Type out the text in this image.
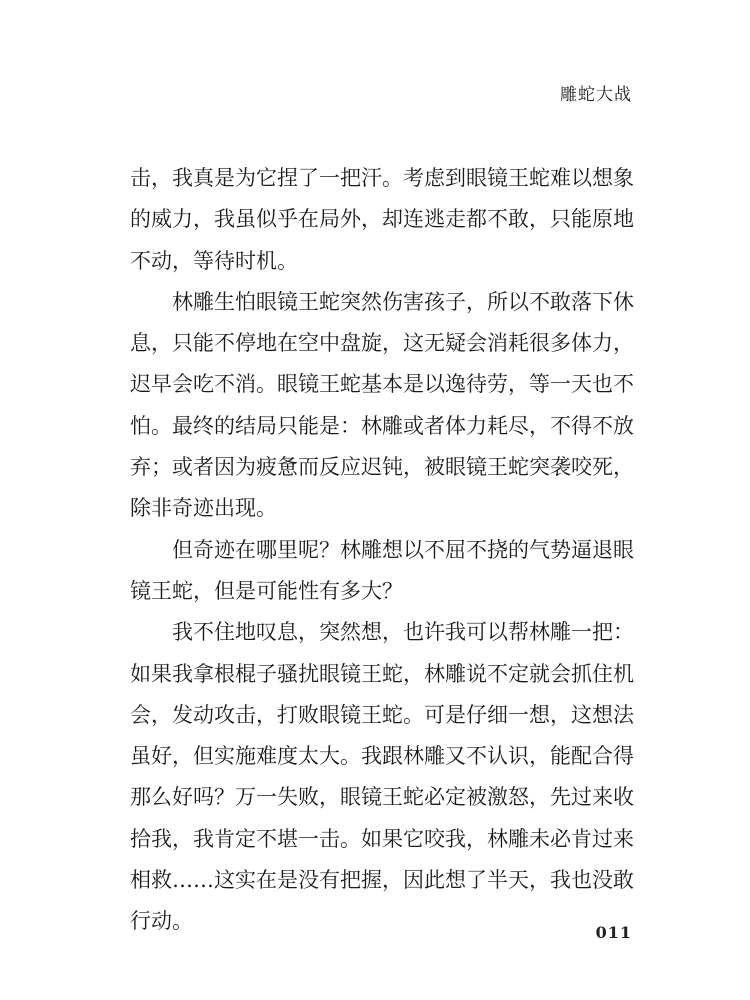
雕蛇大战
击，我真是为它捏了一把汗。考虑到眼镜王蛇难以想象
的威力，我虽似乎在局外，却连逃走都不敢，只能原地
不动，等待时机。
林雕生怕眼镜王蛇突然伤害孩子，所以不敢落下休
息，只能不停地在空中盘旋，这无疑会消耗很多体力，
迟早会吃不消。眼镜王蛇基本是以逸待劳，等一天也不
怕。最终的结局只能是：林雕或者体力耗尽，不得不放
弃；或者因为疲惫而反应迟钝，被眼镜王蛇突袭咬死，
除非奇迹出现。
但奇迹在哪里呢？林雕想以不屈不挠的气势逼退眼
镜王蛇，但是可能性有多大？
我不住地叹息，突然想，也许我可以帮林雕一把：
如果我拿根棍子骚扰眼镜王蛇，林雕说不定就会抓住机
会，发动攻击，打败眼镜王蛇。可是仔细一想，这想法
虽好，但实施难度太大。我跟林雕又不认识，能配合得
那么好吗？万一失败，眼镜王蛇必定被激怒，先过来收
拾我，我肯定不堪一击。如果它咬我，林雕未必肯过来
相救……这实在是没有把握，因此想了半天，我也没敢
行动。	011
